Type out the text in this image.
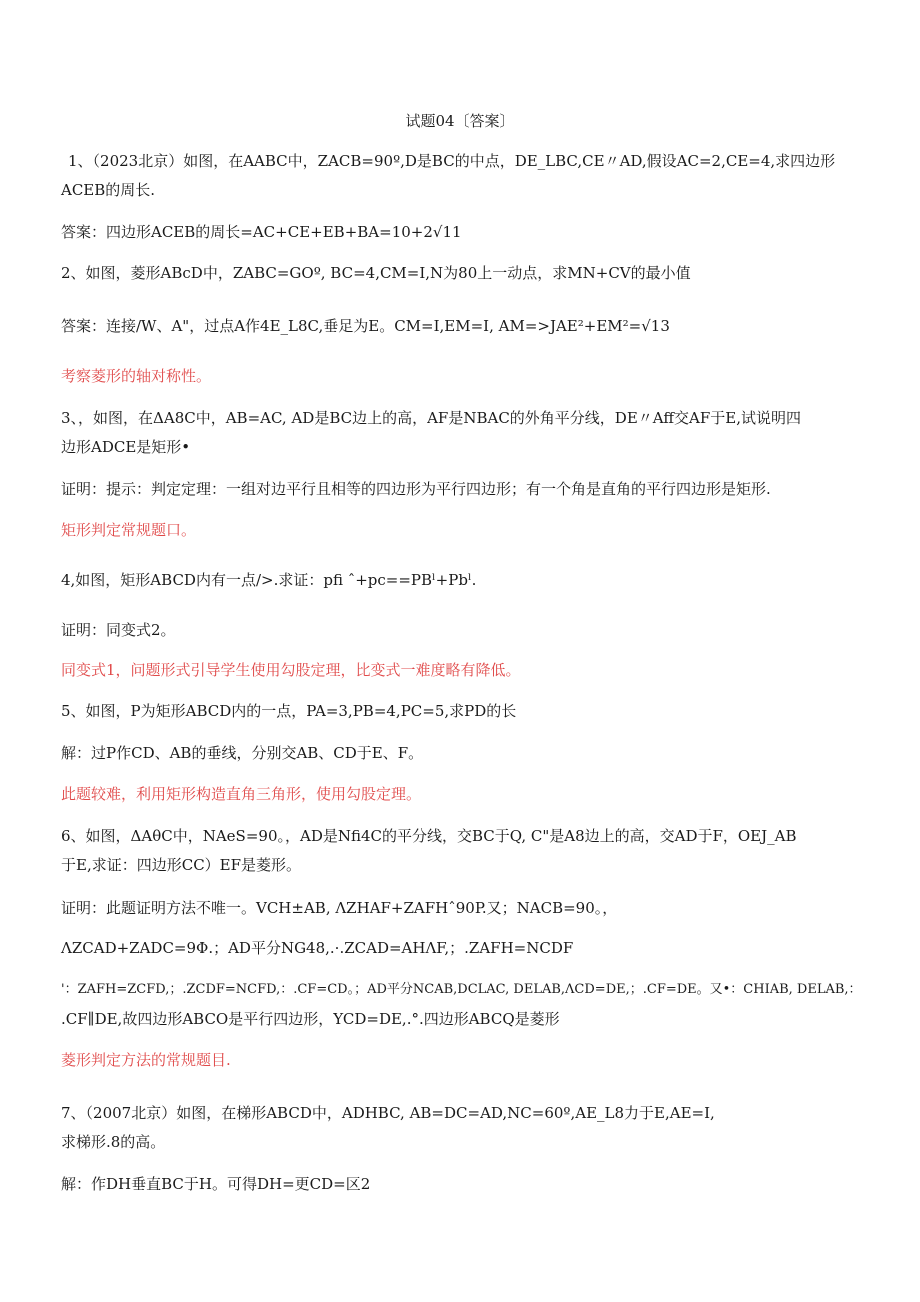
试题04〔答案〕
1、（2023北京）如图，在AABC中，ZACB=90º,D是BC的中点，DE_LBC,CE〃AD,假设AC=2,CE=4,求四边形
ACEB的周长.
答案：四边形ACEB的周长=AC+CE+EB+BA=10+2√11
2、如图，菱形ABcD中，ZABC=GOº, BC=4,CM=I,N为80上一动点，求MN+CV的最小值
答案：连接/W、A"，过点A作4E_L8C,垂足为E。CM=I,EM=I, AM=>JAE²+EM²=√13
考察菱形的轴对称性。
3、，如图，在ΔA8C中，AB=AC, AD是BC边上的高，AF是NBAC的外角平分线，DE〃Aff交AF于E,试说明四
边形ADCE是矩形•
证明：提示：判定定理：一组对边平行且相等的四边形为平行四边形；有一个角是直角的平行四边形是矩形.
矩形判定常规题口。
4,如图，矩形ABCD内有一点/>.求证：pfi ˆ+pc==PBˡ+Pbˡ.
证明：同变式2。
同变式1，问题形式引导学生使用勾股定理，比变式一难度略有降低。
5、如图，P为矩形ABCD内的一点，PA=3,PB=4,PC=5,求PD的长
解：过P作CD、AB的垂线，分别交AB、CD于E、F。
此题较难，利用矩形构造直角三角形，使用勾股定理。
6、如图，ΔAθC中，NAeS=90。，AD是Nfi4C的平分线，交BC于Q, C"是A8边上的高，交AD于F，OEJ_AB
于E,求证：四边形CC）EF是菱形。
证明：此题证明方法不唯一。VCH±AB, ΛZHAF+ZAFHˆ90P.又；NACB=90。，
ΛZCAD+ZADC=9Φ.；AD平分NG48,.·.ZCAD=AHΛF,；.ZAFH=NCDF
'：ZAFH=ZCFD,；.ZCDF=NCFD,：.CF=CD。；AD平分NCAB,DCLAC, DELAB,ΛCD=DE,；.CF=DE。又•：CHIAB, DELAB,：
.CF∥DE,故四边形ABCO是平行四边形，YCD=DE,.°.四边形ABCQ是菱形
菱形判定方法的常规题目.
7、（2007北京）如图，在梯形ABCD中，ADHBC, AB=DC=AD,NC=60º,AE_L8力于E,AE=I,
求梯形.8的高。
解：作DH垂直BC于H。可得DH=更CD=区2
